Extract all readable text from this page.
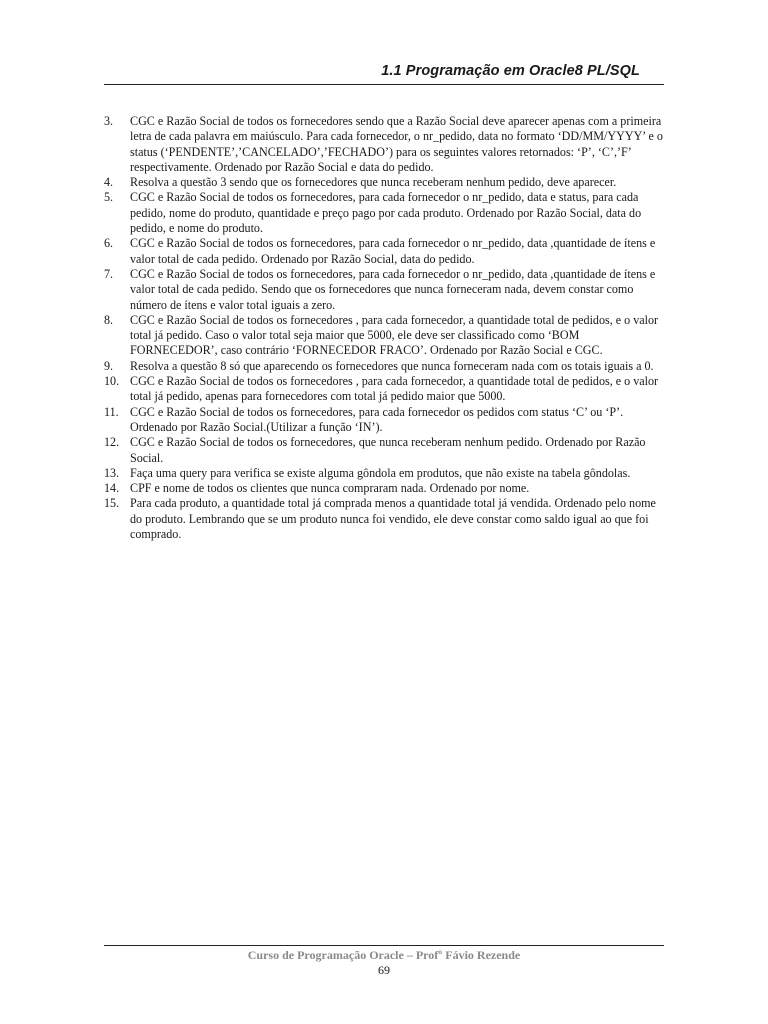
1.1 Programação em Oracle8 PL/SQL
3. CGC e Razão Social de todos os fornecedores sendo que a Razão Social deve aparecer apenas com a primeira letra de cada palavra em maiúsculo. Para cada fornecedor, o nr_pedido, data no formato ‘DD/MM/YYYY’ e o status (‘PENDENTE’,’CANCELADO’,’FECHADO’) para os seguintes valores retornados: ‘P’, ‘C’,’F’ respectivamente. Ordenado por Razão Social e data do pedido.
4. Resolva a questão 3 sendo que os fornecedores que nunca receberam nenhum pedido, deve aparecer.
5. CGC e Razão Social de todos os fornecedores, para cada fornecedor o nr_pedido, data e status, para cada pedido, nome do produto, quantidade e preço pago por cada produto. Ordenado por Razão Social, data do pedido, e nome do produto.
6. CGC e Razão Social de todos os fornecedores, para cada fornecedor o nr_pedido, data ,quantidade de ítens e valor total de cada pedido. Ordenado por Razão Social, data do pedido.
7. CGC e Razão Social de todos os fornecedores, para cada fornecedor o nr_pedido, data ,quantidade de ítens e valor total de cada pedido. Sendo que os fornecedores que nunca forneceram nada, devem constar como número de ítens e valor total iguais a zero.
8. CGC e Razão Social de todos os fornecedores , para cada fornecedor, a quantidade total de pedidos, e o valor total já pedido. Caso o valor total seja maior que 5000, ele deve ser classificado como ‘BOM FORNECEDOR’, caso contrário ‘FORNECEDOR FRACO’. Ordenado por Razão Social e CGC.
9. Resolva a questão 8 só que aparecendo os fornecedores que nunca forneceram nada com os totais iguais a 0.
10. CGC e Razão Social de todos os fornecedores , para cada fornecedor, a quantidade total de pedidos, e o valor total já pedido, apenas para fornecedores com total já pedido maior que 5000.
11. CGC e Razão Social de todos os fornecedores, para cada fornecedor os pedidos com status ‘C’ ou ‘P’. Ordenado por Razão Social.(Utilizar a função ‘IN’).
12. CGC e Razão Social de todos os fornecedores, que nunca receberam nenhum pedido. Ordenado por Razão Social.
13. Faça uma query para verifica se existe alguma gôndola em produtos, que não existe na tabela gôndolas.
14. CPF e nome de todos os clientes que nunca compraram nada. Ordenado por nome.
15. Para cada produto, a quantidade total já comprada menos a quantidade total já vendida. Ordenado pelo nome do produto. Lembrando que se um produto nunca foi vendido, ele deve constar como saldo igual ao que foi comprado.
Curso de Programação Oracle – Profº Fávio Rezende
69
